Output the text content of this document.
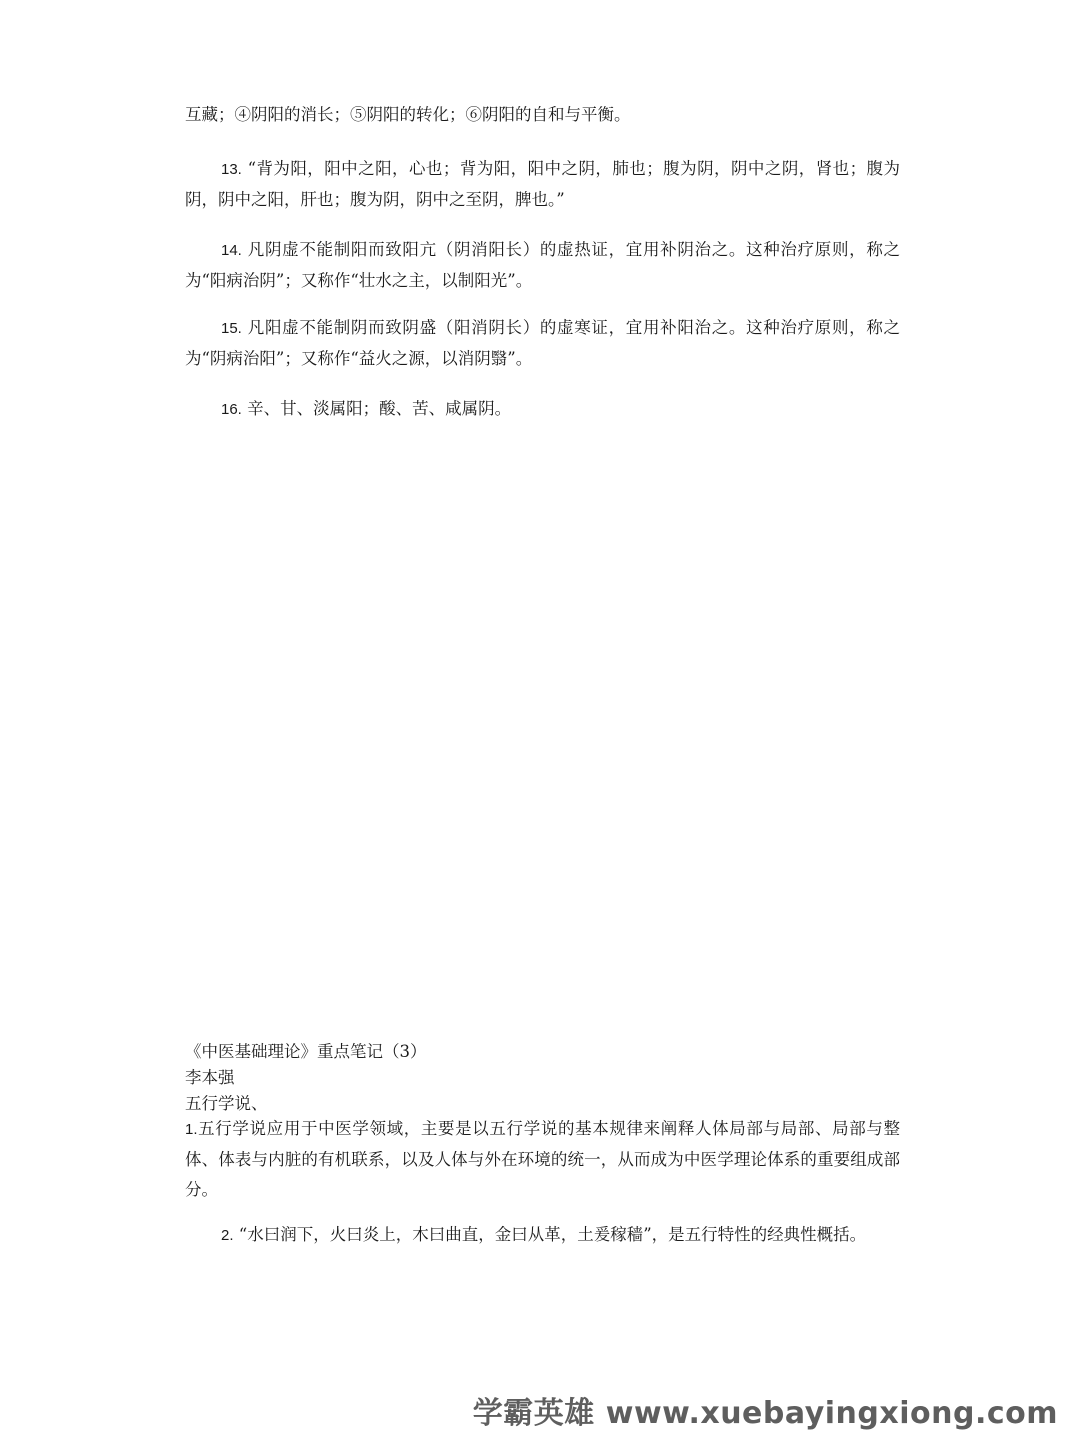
互藏；④阴阳的消长；⑤阴阳的转化；⑥阴阳的自和与平衡。

13. “背为阳，阳中之阳，心也；背为阳，阳中之阴，肺也；腹为阴，阴中之阴，肾也；腹为阴，阴中之阳，肝也；腹为阴，阴中之至阴，脾也。”

14. 凡阴虚不能制阳而致阳亢（阴消阳长）的虚热证，宜用补阴治之。这种治疗原则，称之为“阳病治阴”；又称作“壮水之主，以制阳光”。

15. 凡阳虚不能制阴而致阴盛（阳消阴长）的虚寒证，宜用补阳治之。这种治疗原则，称之为“阴病治阳”；又称作“益火之源，以消阴翳”。

16. 辛、甘、淡属阳；酸、苦、咸属阴。

《中医基础理论》重点笔记（3）

李本强

五行学说、

1.五行学说应用于中医学领域，主要是以五行学说的基本规律来阐释人体局部与局部、局部与整体、体表与内脏的有机联系，以及人体与外在环境的统一，从而成为中医学理论体系的重要组成部分。

2. “水曰润下，火曰炎上，木曰曲直，金曰从革，土爰稼穑”，是五行特性的经典性概括。

学霸英雄 www.xuebayingxiong.com
